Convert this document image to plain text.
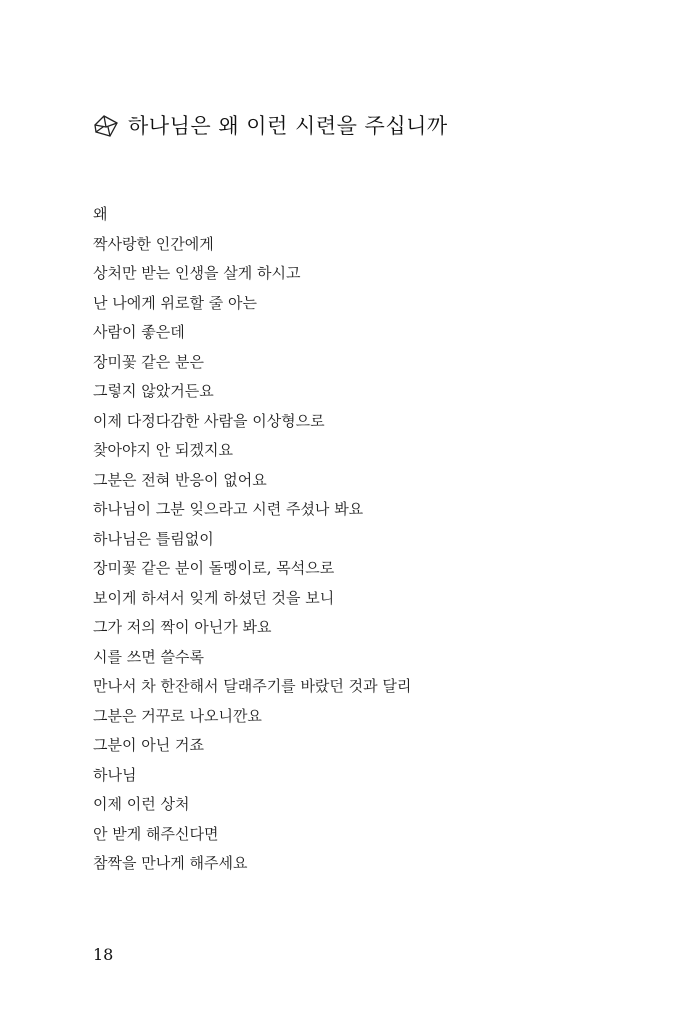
하나님은 왜 이런 시련을 주십니까
왜
짝사랑한 인간에게
상처만 받는 인생을 살게 하시고
난 나에게 위로할 줄 아는
사람이 좋은데
장미꽃 같은 분은
그렇지 않았거든요
이제 다정다감한 사람을 이상형으로
찾아야지 안 되겠지요
그분은 전혀 반응이 없어요
하나님이 그분 잊으라고 시련 주셨나 봐요
하나님은 틀림없이
장미꽃 같은 분이 돌멩이로, 목석으로
보이게 하셔서 잊게 하셨던 것을 보니
그가 저의 짝이 아닌가 봐요
시를 쓰면 쓸수록
만나서 차 한잔해서 달래주기를 바랐던 것과 달리
그분은 거꾸로 나오니깐요
그분이 아닌 거죠
하나님
이제 이런 상처
안 받게 해주신다면
참짝을 만나게 해주세요
18
